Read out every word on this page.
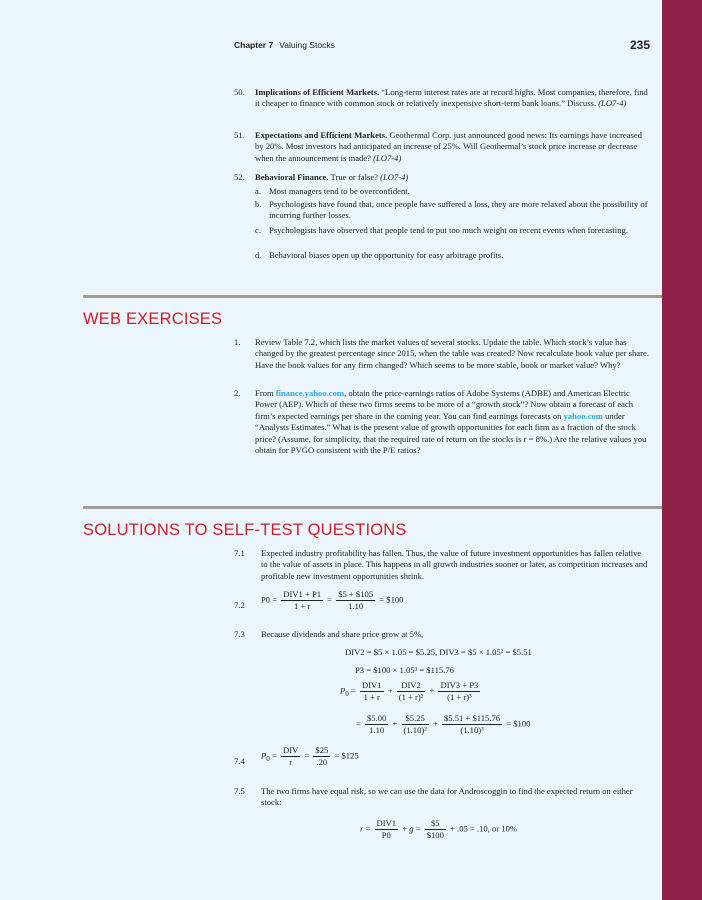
Chapter 7 Valuing Stocks	235
50. Implications of Efficient Markets. “Long-term interest rates are at record highs. Most companies, therefore, find it cheaper to finance with common stock or relatively inexpensive short-term bank loans.” Discuss. (LO7-4)
51. Expectations and Efficient Markets. Geothermal Corp. just announced good news: Its earnings have increased by 20%. Most investors had anticipated an increase of 25%. Will Geothermal’s stock price increase or decrease when the announcement is made? (LO7-4)
52. Behavioral Finance. True or false? (LO7-4)
a. Most managers tend to be overconfident.
b. Psychologists have found that, once people have suffered a loss, they are more relaxed about the possibility of incurring further losses.
c. Psychologists have observed that people tend to put too much weight on recent events when forecasting.
d. Behavioral biases open up the opportunity for easy arbitrage profits.
WEB EXERCISES
1. Review Table 7.2, which lists the market values of several stocks. Update the table. Which stock’s value has changed by the greatest percentage since 2015, when the table was created? Now recalculate book value per share. Have the book values for any firm changed? Which seems to be more stable, book or market value? Why?
2. From finance.yahoo.com, obtain the price-earnings ratios of Adobe Systems (ADBE) and American Electric Power (AEP). Which of these two firms seems to be more of a “growth stock”? Now obtain a forecast of each firm’s expected earnings per share in the coming year. You can find earnings forecasts on yahoo.com under “Analysts Estimates.” What is the present value of growth opportunities for each firm as a fraction of the stock price? (Assume, for simplicity, that the required rate of return on the stocks is r = 8%.) Are the relative values you obtain for PVGO consistent with the P/E ratios?
SOLUTIONS TO SELF-TEST QUESTIONS
7.1 Expected industry profitability has fallen. Thus, the value of future investment opportunities has fallen relative to the value of assets in place. This happens in all growth industries sooner or later, as competition increases and profitable new investment opportunities shrink.
7.2
$P0 = \frac{\text{DIV1 + P1}}{1 + r} = \frac{\$5 + \$105}{1.10}$ = $100
7.3 Because dividends and share price grow at 5%,
DIV2 = $5 × 1.05 = $5.25, DIV3 = $5 × 1.05² = $5.51
P3 = $100 × 1.05³ = $115.76
$P_0 = \frac{\text{DIV1}}{1 + r} + \frac{\text{DIV2}}{\text{(1 + r)²}} + \frac{\text{DIV3 + P3}}{\text{(1 + r)³}}$
= $\frac{\$5.00}{1.10} + \frac{\$5.25}{\text{(1.10)²}} + \frac{\$5.51 + \$115.76}{\text{(1.10)³}}$ = $100
7.4
$P_0 = \frac{\text{DIV}}{r} = \frac{\$25}{.20}$ = $125
7.5 The two firms have equal risk, so we can use the data for Androscoggin to find the expected return on either stock:
$r = \frac{\text{DIV1}}{P0} + g = \frac{\$5}{\$100} + .05 = .10$, or 10%
